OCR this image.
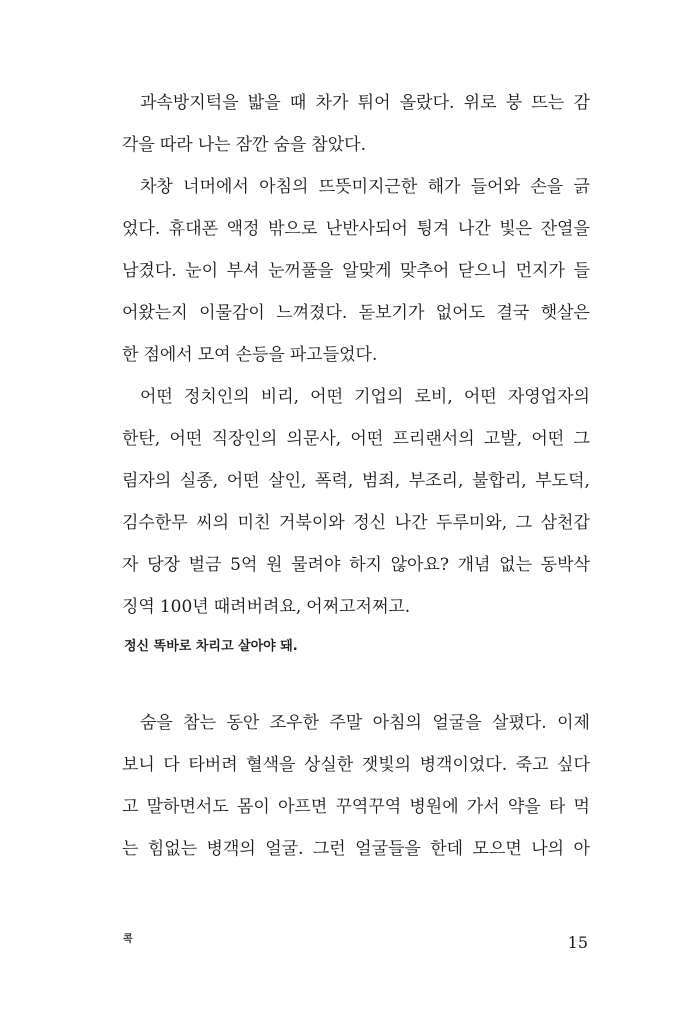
과속방지턱을 밟을 때 차가 튀어 올랐다. 위로 붕 뜨는 감
각을 따라 나는 잠깐 숨을 참았다.
차창 너머에서 아침의 뜨뜻미지근한 해가 들어와 손을 긁
었다. 휴대폰 액정 밖으로 난반사되어 튕겨 나간 빛은 잔열을
남겼다. 눈이 부셔 눈꺼풀을 알맞게 맞추어 닫으니 먼지가 들
어왔는지 이물감이 느껴졌다. 돋보기가 없어도 결국 햇살은
한 점에서 모여 손등을 파고들었다.
어떤 정치인의 비리, 어떤 기업의 로비, 어떤 자영업자의
한탄, 어떤 직장인의 의문사, 어떤 프리랜서의 고발, 어떤 그
림자의 실종, 어떤 살인, 폭력, 범죄, 부조리, 불합리, 부도덕,
김수한무 씨의 미친 거북이와 정신 나간 두루미와, 그 삼천갑
자 당장 벌금 5억 원 물려야 하지 않아요? 개념 없는 동박삭
징역 100년 때려버려요, 어쩌고저쩌고.
정신 똑바로 차리고 살아야 돼.
숨을 참는 동안 조우한 주말 아침의 얼굴을 살폈다. 이제
보니 다 타버려 혈색을 상실한 잿빛의 병객이었다. 죽고 싶다
고 말하면서도 몸이 아프면 꾸역꾸역 병원에 가서 약을 타 먹
는 힘없는 병객의 얼굴. 그런 얼굴들을 한데 모으면 나의 아
콕	15
